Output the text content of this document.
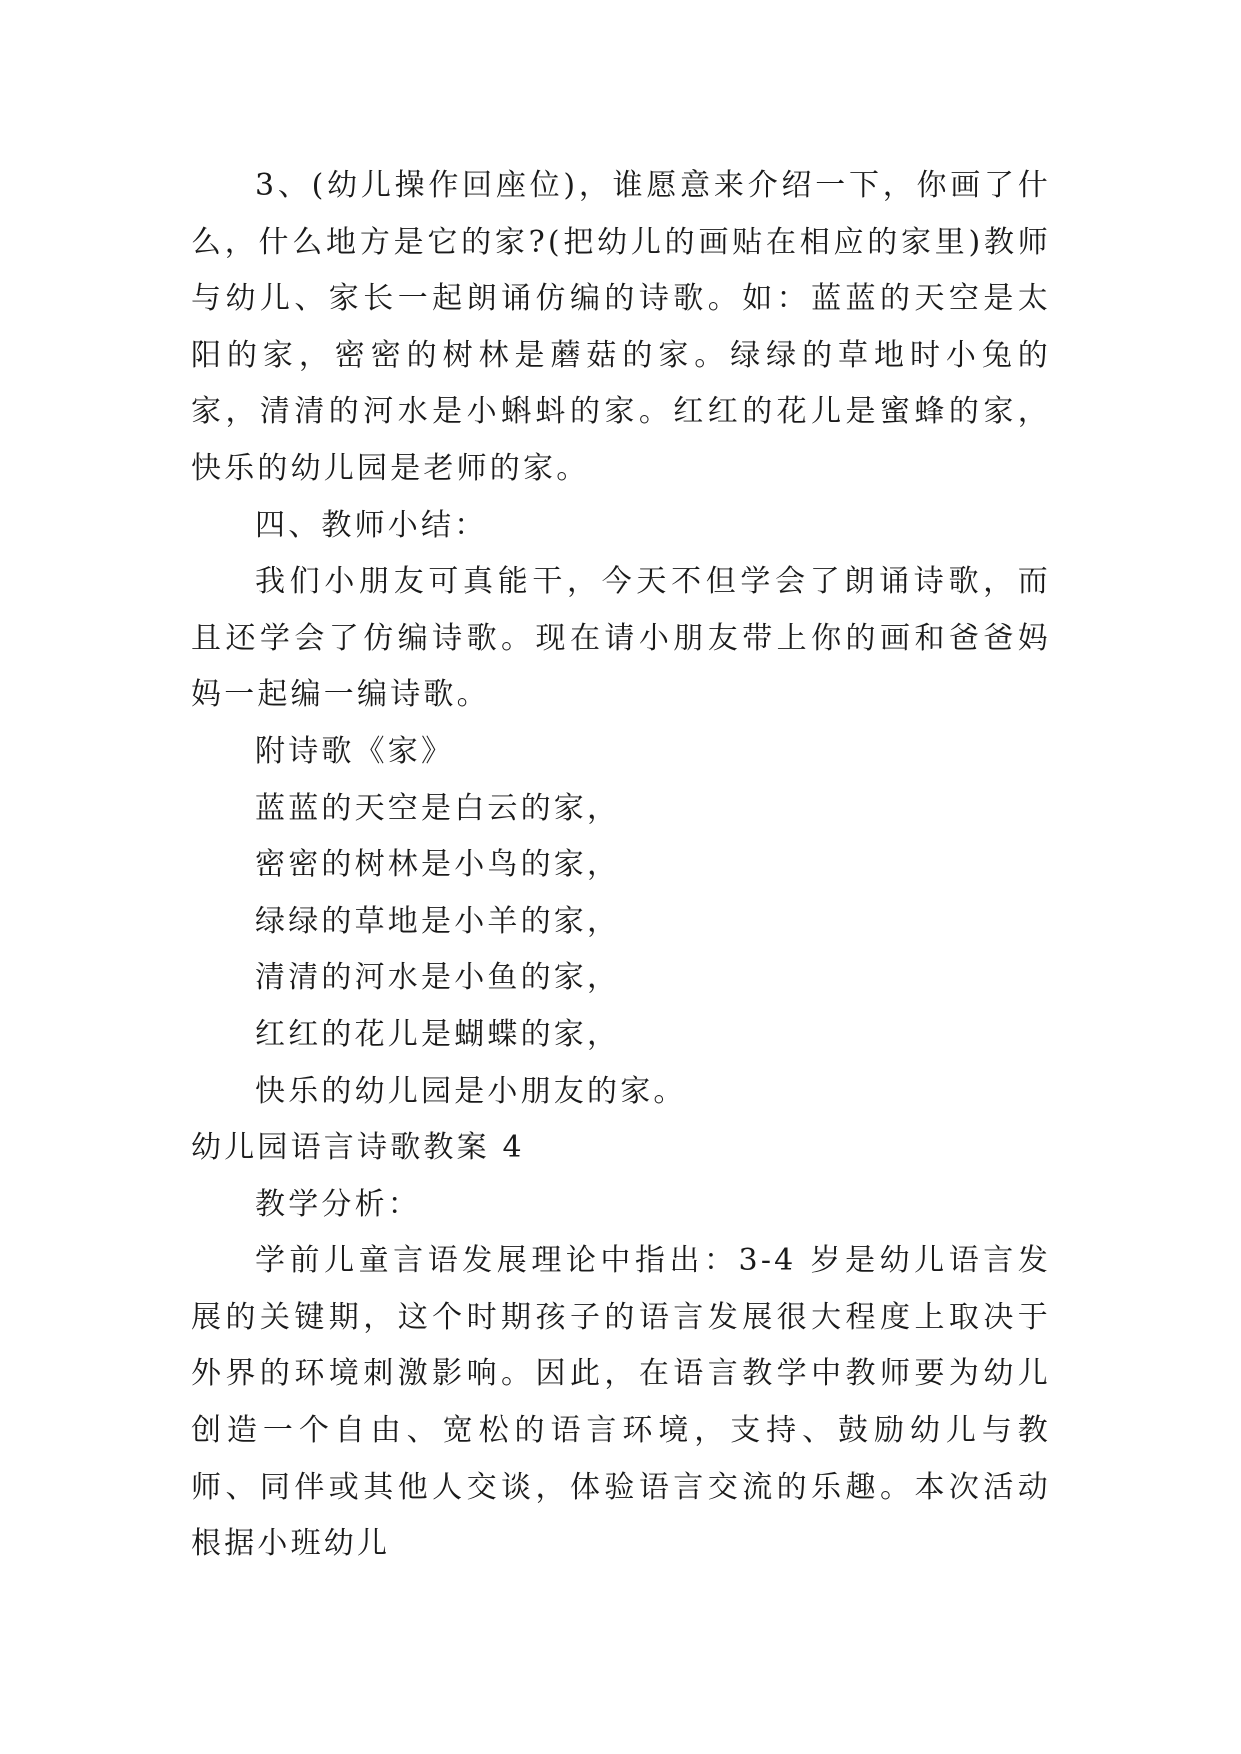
3、(幼儿操作回座位)，谁愿意来介绍一下，你画了什么，什么地方是它的家?(把幼儿的画贴在相应的家里)教师与幼儿、家长一起朗诵仿编的诗歌。如：蓝蓝的天空是太阳的家，密密的树林是蘑菇的家。绿绿的草地时小兔的家，清清的河水是小蝌蚪的家。红红的花儿是蜜蜂的家，快乐的幼儿园是老师的家。

四、教师小结：

我们小朋友可真能干，今天不但学会了朗诵诗歌，而且还学会了仿编诗歌。现在请小朋友带上你的画和爸爸妈妈一起编一编诗歌。

附诗歌《家》

蓝蓝的天空是白云的家，

密密的树林是小鸟的家，

绿绿的草地是小羊的家，

清清的河水是小鱼的家，

红红的花儿是蝴蝶的家，

快乐的幼儿园是小朋友的家。

幼儿园语言诗歌教案 4

教学分析：

学前儿童言语发展理论中指出：3-4 岁是幼儿语言发展的关键期，这个时期孩子的语言发展很大程度上取决于外界的环境刺激影响。因此，在语言教学中教师要为幼儿创造一个自由、宽松的语言环境，支持、鼓励幼儿与教师、同伴或其他人交谈，体验语言交流的乐趣。本次活动根据小班幼儿
